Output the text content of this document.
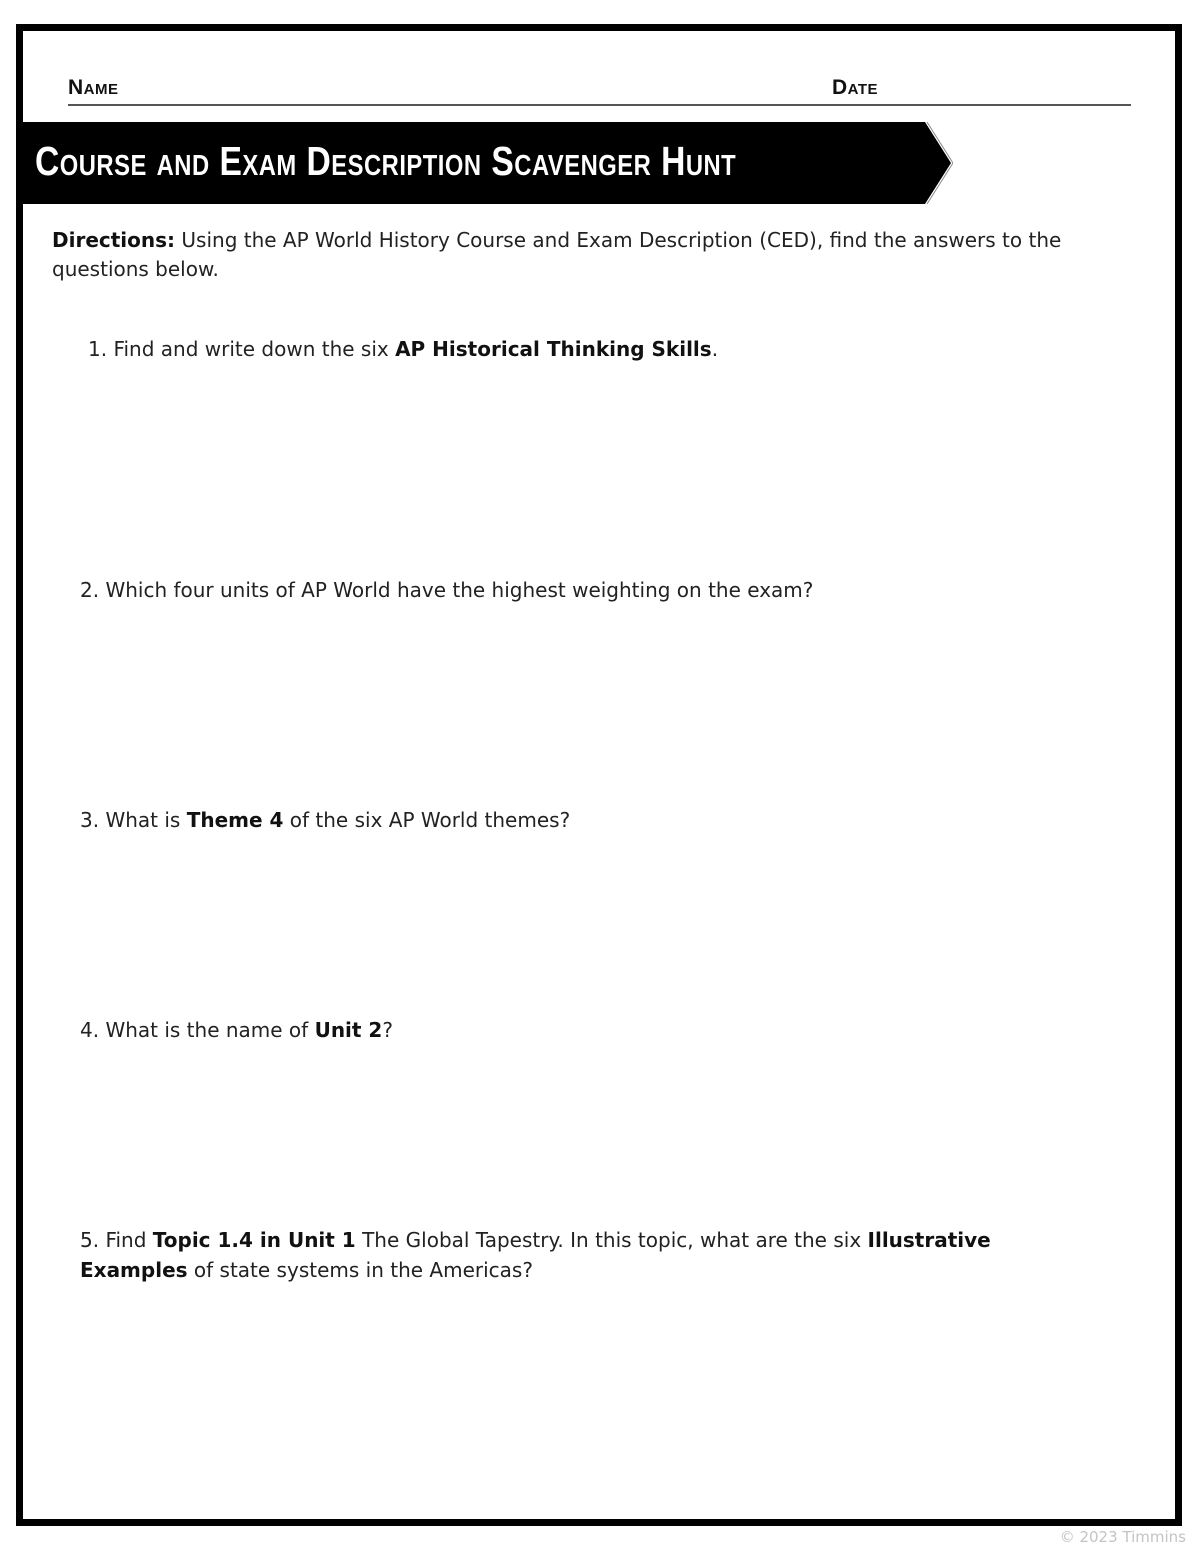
Name	Date
Course and Exam Description Scavenger Hunt
Directions: Using the AP World History Course and Exam Description (CED), find the answers to the questions below.
1. Find and write down the six AP Historical Thinking Skills.
2. Which four units of AP World have the highest weighting on the exam?
3. What is Theme 4 of the six AP World themes?
4. What is the name of Unit 2?
5. Find Topic 1.4 in Unit 1 The Global Tapestry. In this topic, what are the six Illustrative Examples of state systems in the Americas?
© 2023 Timmins
